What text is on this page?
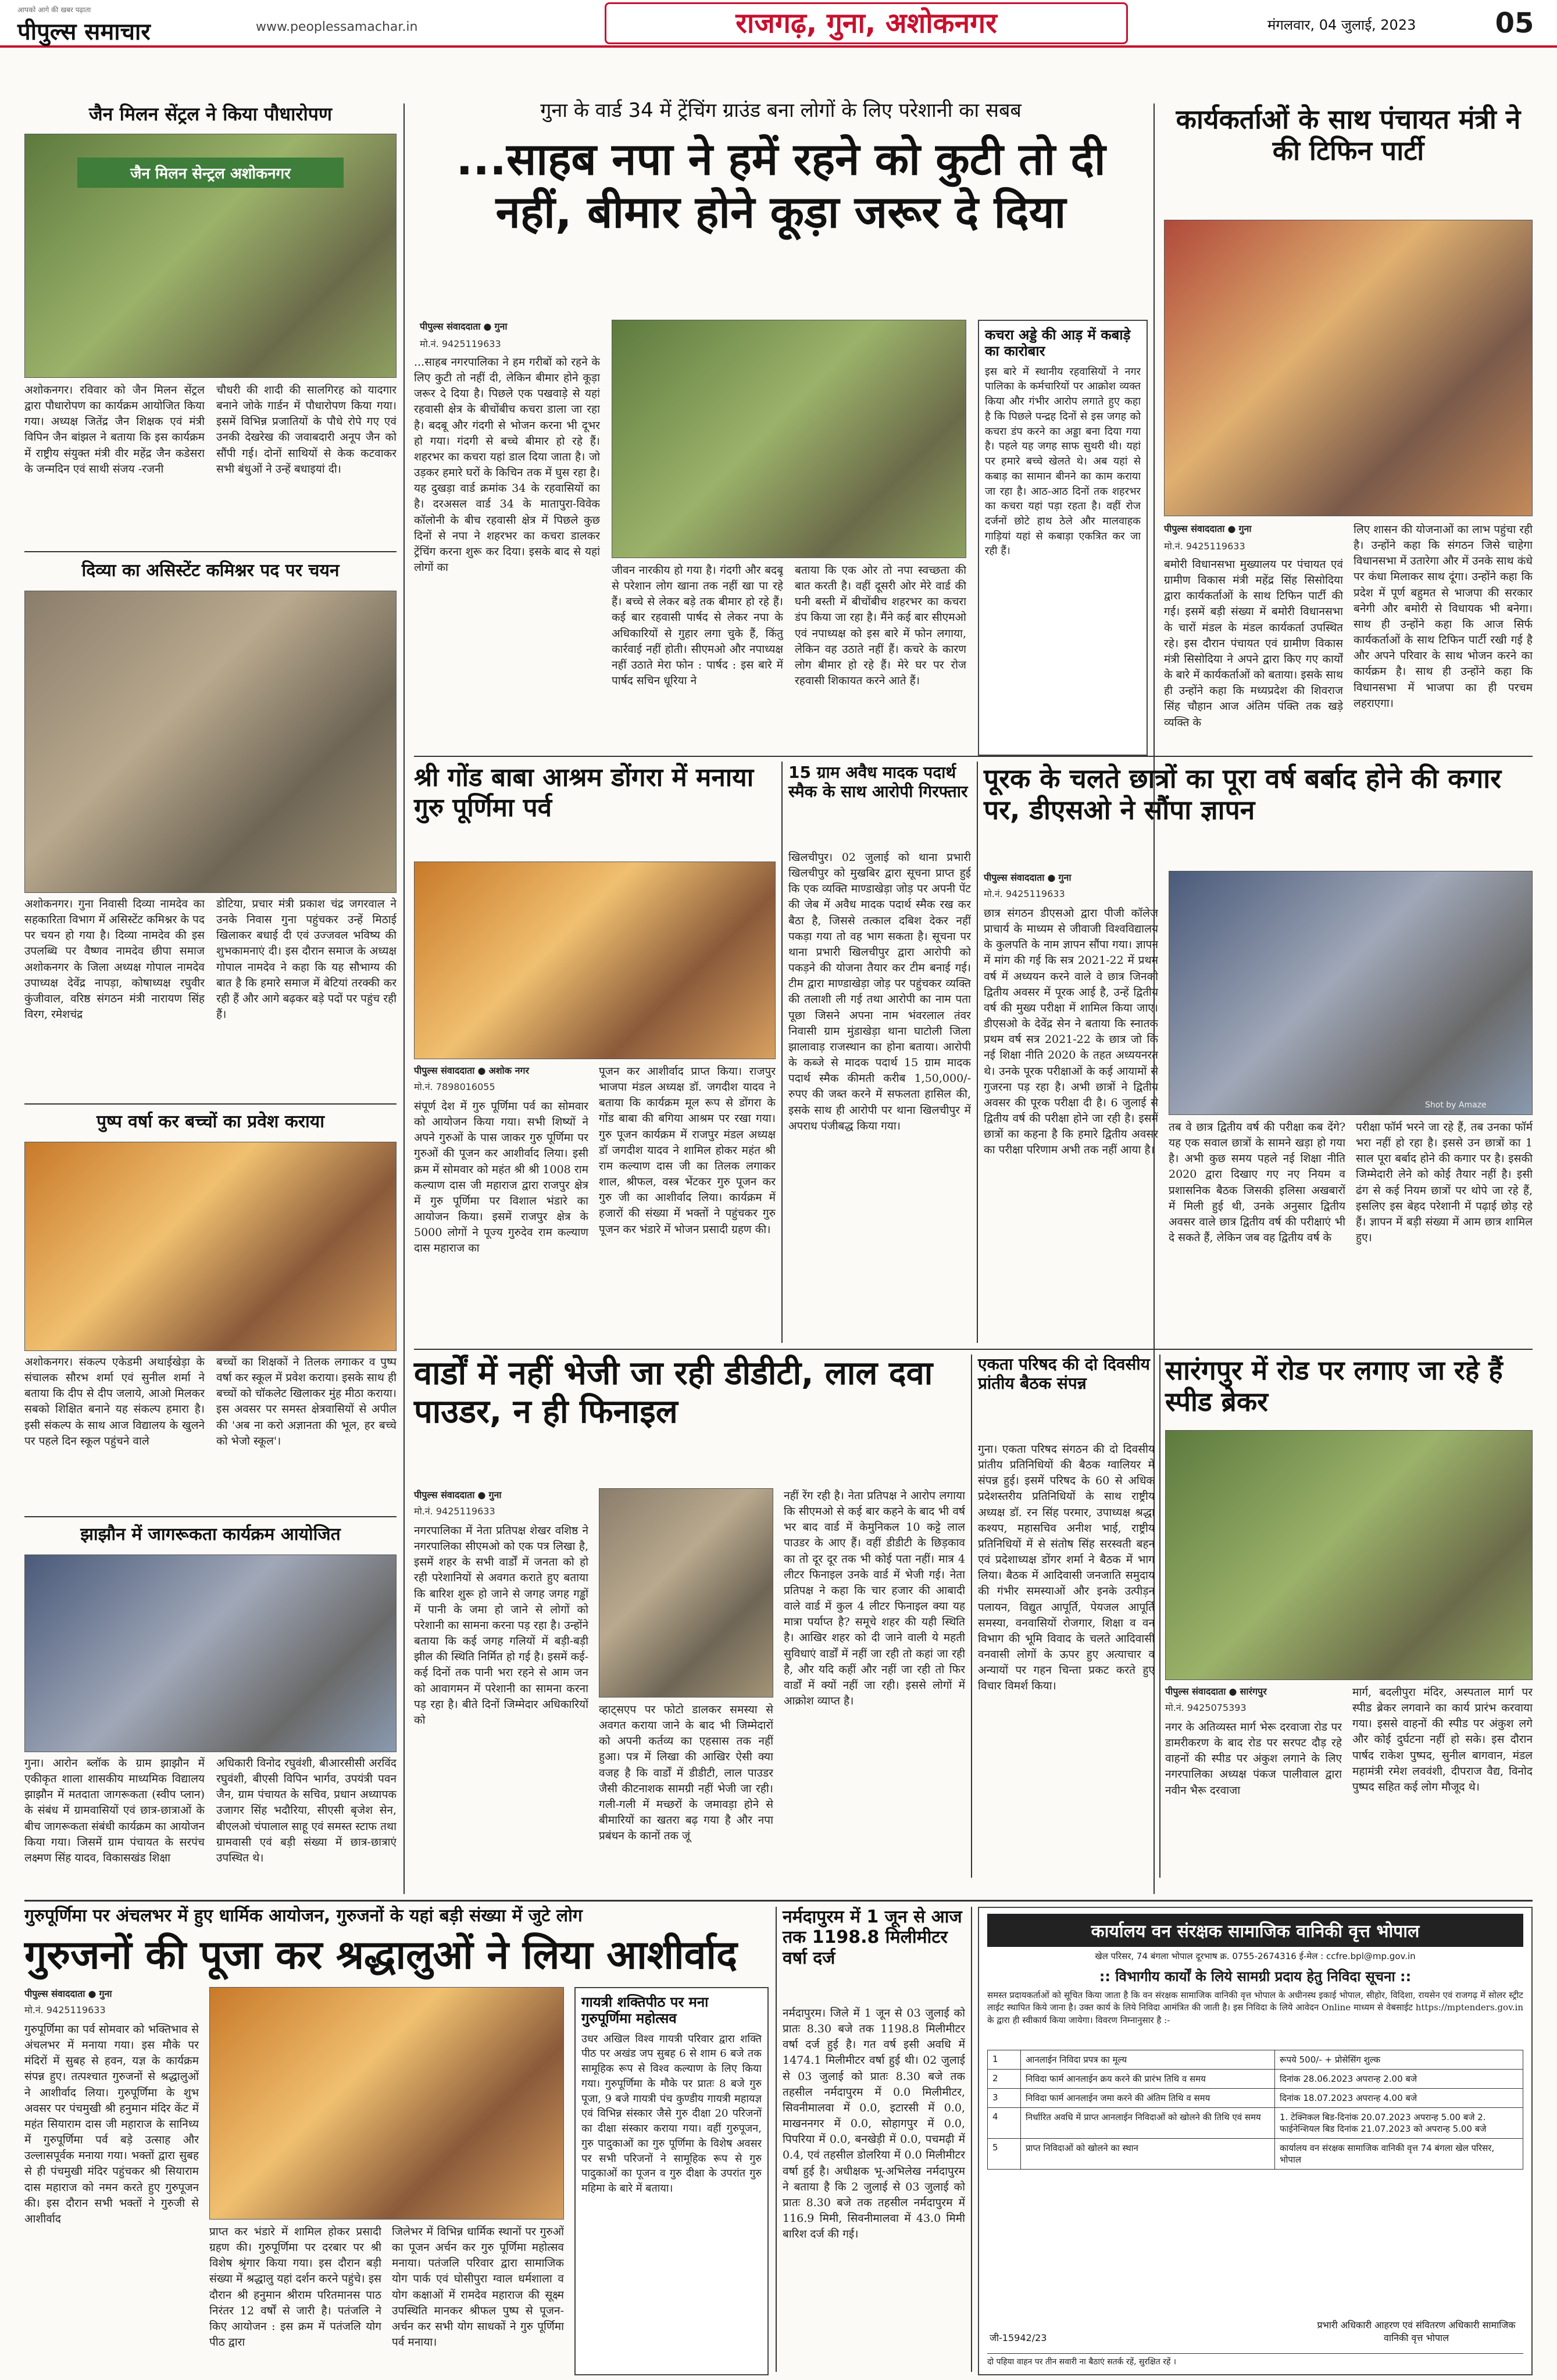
आपको आगे की खबर पढ़ाता
पीपुल्स समाचार	www.peoplessamachar.in	राजगढ़, गुना, अशोकनगर	मंगलवार, 04 जुलाई, 2023	05
जैन मिलन सेंट्रल ने किया पौधारोपण
जैन मिलन सेन्ट्रल अशोकनगर
अशोकनगर। रविवार को जैन मिलन सेंट्रल द्वारा पौधारोपण का कार्यक्रम आयोजित किया गया। अध्यक्ष जितेंद्र जैन शिक्षक एवं मंत्री विपिन जैन बांझल ने बताया कि इस कार्यक्रम में राष्ट्रीय संयुक्त मंत्री वीर महेंद्र जैन कडेसरा के जन्मदिन एवं साथी संजय -रजनी
चौधरी की शादी की सालगिरह को यादगार बनाने जोके गार्डन में पौधारोपण किया गया। इसमें विभिन्न प्रजातियों के पौधे रोपे गए एवं उनकी देखरेख की जवाबदारी अनूप जैन को सौंपी गई। दोनों साथियों से केक कटवाकर सभी बंधुओं ने उन्हें बधाइयां दी।
दिव्या का असिस्टेंट कमिश्नर पद पर चयन
अशोकनगर। गुना निवासी दिव्या नामदेव का सहकारिता विभाग में असिस्टेंट कमिश्नर के पद पर चयन हो गया है। दिव्या नामदेव की इस उपलब्धि पर वैष्णव नामदेव छीपा समाज अशोकनगर के जिला अध्यक्ष गोपाल नामदेव उपाध्यक्ष देवेंद्र नापड़ा, कोषाध्यक्ष रघुवीर कुंजीवाल, वरिष्ठ संगठन मंत्री नारायण सिंह विरग, रमेशचंद्र
डोटिया, प्रचार मंत्री प्रकाश चंद्र जगरवाल ने उनके निवास गुना पहुंचकर उन्हें मिठाई खिलाकर बधाई दी एवं उज्जवल भविष्य की शुभकामनाएं दी। इस दौरान समाज के अध्यक्ष गोपाल नामदेव ने कहा कि यह सौभाग्य की बात है कि हमारे समाज में बेटियां तरक्की कर रही हैं और आगे बढ़कर बड़े पदों पर पहुंच रही हैं।
पुष्प वर्षा कर बच्चों का प्रवेश कराया
अशोकनगर। संकल्प एकेडमी अथाईखेड़ा के संचालक सौरभ शर्मा एवं सुनील शर्मा ने बताया कि दीप से दीप जलाये, आओ मिलकर सबको शिक्षित बनाने यह संकल्प हमारा है। इसी संकल्प के साथ आज विद्यालय के खुलने पर पहले दिन स्कूल पहुंचने वाले
बच्चों का शिक्षकों ने तिलक लगाकर व पुष्प वर्षा कर स्कूल में प्रवेश कराया। इसके साथ ही बच्चों को चॉकलेट खिलाकर मुंह मीठा कराया। इस अवसर पर समस्त क्षेत्रवासियों से अपील की 'अब ना करो अज्ञानता की भूल, हर बच्चे को भेजो स्कूल'।
झाझौन में जागरूकता कार्यक्रम आयोजित
गुना। आरोन ब्लॉक के ग्राम झाझौन में एकीकृत शाला शासकीय माध्यमिक विद्यालय झाझौन में मतदाता जागरूकता (स्वीप प्लान) के संबंध में ग्रामवासियों एवं छात्र-छात्राओं के बीच जागरूकता संबंधी कार्यक्रम का आयोजन किया गया। जिसमें ग्राम पंचायत के सरपंच लक्ष्मण सिंह यादव, विकासखंड शिक्षा
अधिकारी विनोद रघुवंशी, बीआरसीसी अरविंद रघुवंशी, बीएसी विपिन भार्गव, उपयंत्री पवन जैन, ग्राम पंचायत के सचिव, प्रधान अध्यापक उजागर सिंह भदौरिया, सीएसी बृजेश सेन, बीएलओ चंपालाल साहू एवं समस्त स्टाफ तथा ग्रामवासी एवं बड़ी संख्या में छात्र-छात्राएं उपस्थित थे।
गुना के वार्ड 34 में ट्रेंचिंग ग्राउंड बना लोगों के लिए परेशानी का सबब
...साहब नपा ने हमें रहने को कुटी तो दी नहीं, बीमार होने कूड़ा जरूर दे दिया
पीपुल्स संवाददाता ● गुना
मो.नं. 9425119633
...साहब नगरपालिका ने हम गरीबों को रहने के लिए कुटी तो नहीं दी, लेकिन बीमार होने कूड़ा जरूर दे दिया है। पिछले एक पखवाड़े से यहां रहवासी क्षेत्र के बीचोंबीच कचरा डाला जा रहा है। बदबू और गंदगी से भोजन करना भी दूभर हो गया। गंदगी से बच्चे बीमार हो रहे हैं। शहरभर का कचरा यहां डाल दिया जाता है। जो उड़कर हमारे घरों के किचिन तक में घुस रहा है। यह दुखड़ा वार्ड क्रमांक 34 के रहवासियों का है। दरअसल वार्ड 34 के मातापुरा-विवेक कॉलोनी के बीच रहवासी क्षेत्र में पिछले कुछ दिनों से नपा ने शहरभर का कचरा डालकर ट्रेंचिंग करना शुरू कर दिया। इसके बाद से यहां लोगों का	जीवन नारकीय हो गया है। गंदगी और बदबू से परेशान लोग खाना तक नहीं खा पा रहे हैं। बच्चे से लेकर बड़े तक बीमार हो रहे हैं। कई बार रहवासी पार्षद से लेकर नपा के अधिकारियों से गुहार लगा चुके हैं, किंतु कार्रवाई नहीं होती। सीएमओ और नपाध्यक्ष नहीं उठाते मेरा फोन : पार्षद : इस बारे में पार्षद सचिन धूरिया ने
बताया कि एक ओर तो नपा स्वच्छता की बात करती है। वहीं दूसरी ओर मेरे वार्ड की घनी बस्ती में बीचोंबीच शहरभर का कचरा डंप किया जा रहा है। मैंने कई बार सीएमओ एवं नपाध्यक्ष को इस बारे में फोन लगाया, लेकिन वह उठाते नहीं हैं। कचरे के कारण लोग बीमार हो रहे हैं। मेरे घर पर रोज रहवासी शिकायत करने आते हैं।
कचरा अड्डे की आड़ में कबाड़े का कारोबार
इस बारे में स्थानीय रहवासियों ने नगर पालिका के कर्मचारियों पर आक्रोश व्यक्त किया और गंभीर आरोप लगाते हुए कहा है कि पिछले पन्द्रह दिनों से इस जगह को कचरा डंप करने का अड्डा बना दिया गया है। पहले यह जगह साफ सुथरी थी। यहां पर हमारे बच्चे खेलते थे। अब यहां से कबाड़ का सामान बीनने का काम कराया जा रहा है। आठ-आठ दिनों तक शहरभर का कचरा यहां पड़ा रहता है। वहीं रोज दर्जनों छोटे हाथ ठेले और मालवाहक गाड़ियां यहां से कबाड़ा एकत्रित कर जा रही हैं।
कार्यकर्ताओं के साथ पंचायत मंत्री ने की टिफिन पार्टी
पीपुल्स संवाददाता ● गुना
मो.नं. 9425119633
बमोरी विधानसभा मुख्यालय पर पंचायत एवं ग्रामीण विकास मंत्री महेंद्र सिंह सिसोदिया द्वारा कार्यकर्ताओं के साथ टिफिन पार्टी की गई। इसमें बड़ी संख्या में बमोरी विधानसभा के चारों मंडल के मंडल कार्यकर्ता उपस्थित रहे। इस दौरान पंचायत एवं ग्रामीण विकास मंत्री सिसोदिया ने अपने द्वारा किए गए कार्यों के बारे में कार्यकर्ताओं को बताया। इसके साथ ही उन्होंने कहा कि मध्यप्रदेश की शिवराज सिंह चौहान आज अंतिम पंक्ति तक खड़े व्यक्ति के
लिए शासन की योजनाओं का लाभ पहुंचा रही है। उन्होंने कहा कि संगठन जिसे चाहेगा विधानसभा में उतारेगा और में उनके साथ कंधे पर कंधा मिलाकर साथ दूंगा। उन्होंने कहा कि प्रदेश में पूर्ण बहुमत से भाजपा की सरकार बनेगी और बमोरी से विधायक भी बनेगा। साथ ही उन्होंने कहा कि आज सिर्फ कार्यकर्ताओं के साथ टिफिन पार्टी रखी गई है और अपने परिवार के साथ भोजन करने का कार्यक्रम है। साथ ही उन्होंने कहा कि विधानसभा में भाजपा का ही परचम लहराएगा।
श्री गोंड बाबा आश्रम डोंगरा में मनाया गुरु पूर्णिमा पर्व
पीपुल्स संवाददाता ● अशोक नगर
मो.नं. 7898016055
संपूर्ण देश में गुरु पूर्णिमा पर्व का सोमवार को आयोजन किया गया। सभी शिष्यों ने अपने गुरुओं के पास जाकर गुरु पूर्णिमा पर गुरुओं की पूजन कर आशीर्वाद लिया। इसी क्रम में सोमवार को महंत श्री श्री 1008 राम कल्याण दास जी महाराज द्वारा राजपुर क्षेत्र में गुरु पूर्णिमा पर विशाल भंडारे का आयोजन किया। इसमें राजपुर क्षेत्र के 5000 लोगों ने पूज्य गुरुदेव राम कल्याण दास महाराज का
पूजन कर आशीर्वाद प्राप्त किया। राजपुर भाजपा मंडल अध्यक्ष डॉ. जगदीश यादव ने बताया कि कार्यक्रम मूल रूप से डोंगरा के गोंड बाबा की बगिया आश्रम पर रखा गया। गुरु पूजन कार्यक्रम में राजपुर मंडल अध्यक्ष डॉ जगदीश यादव ने शामिल होकर महंत श्री राम कल्याण दास जी का तिलक लगाकर शाल, श्रीफल, वस्त्र भेंटकर गुरु पूजन कर गुरु जी का आशीर्वाद लिया। कार्यक्रम में हजारों की संख्या में भक्तों ने पहुंचकर गुरु पूजन कर भंडारे में भोजन प्रसादी ग्रहण की।
15 ग्राम अवैध मादक पदार्थ स्मैक के साथ आरोपी गिरफ्तार
खिलचीपुर। 02 जुलाई को थाना प्रभारी खिलचीपुर को मुखबिर द्वारा सूचना प्राप्त हुई कि एक व्यक्ति माण्डाखेड़ा जोड़ पर अपनी पेंट की जेब में अवैध मादक पदार्थ स्मैक रख कर बैठा है, जिससे तत्काल दबिश देकर नहीं पकड़ा गया तो वह भाग सकता है। सूचना पर थाना प्रभारी खिलचीपुर द्वारा आरोपी को पकड़ने की योजना तैयार कर टीम बनाई गई। टीम द्वारा माण्डाखेड़ा जोड़ पर पहुंचकर व्यक्ति की तलाशी ली गई तथा आरोपी का नाम पता पूछा जिसने अपना नाम भंवरलाल तंवर निवासी ग्राम मुंडाखेड़ा थाना घाटोली जिला झालावाड़ राजस्थान का होना बताया। आरोपी के कब्जे से मादक पदार्थ 15 ग्राम मादक पदार्थ स्मैक कीमती करीब 1,50,000/- रुपए की जब्त करने में सफलता हासिल की, इसके साथ ही आरोपी पर थाना खिलचीपुर में अपराध पंजीबद्ध किया गया।
पूरक के चलते छात्रों का पूरा वर्ष बर्बाद होने की कगार पर, डीएसओ ने सौंपा ज्ञापन
पीपुल्स संवाददाता ● गुना
मो.नं. 9425119633
छात्र संगठन डीएसओ द्वारा पीजी कॉलेज प्राचार्य के माध्यम से जीवाजी विश्वविद्यालय के कुलपति के नाम ज्ञापन सौंपा गया। ज्ञापन में मांग की गई कि सत्र 2021-22 में प्रथम वर्ष में अध्ययन करने वाले वे छात्र जिनको द्वितीय अवसर में पूरक आई है, उन्हें द्वितीय वर्ष की मुख्य परीक्षा में शामिल किया जाए। डीएसओ के देवेंद्र सेन ने बताया कि स्नातक प्रथम वर्ष सत्र 2021-22 के छात्र जो कि नई शिक्षा नीति 2020 के तहत अध्ययनरत थे। उनके पूरक परीक्षाओं के कई आयामों से गुजरना पड़ रहा है। अभी छात्रों ने द्वितीय अवसर की पूरक परीक्षा दी है। 6 जुलाई से द्वितीय वर्ष की परीक्षा होने जा रही है। इसमें छात्रों का कहना है कि हमारे द्वितीय अवसर का परीक्षा परिणाम अभी तक नहीं आया है।
Shot by Amaze
तब वे छात्र द्वितीय वर्ष की परीक्षा कब देंगे? यह एक सवाल छात्रों के सामने खड़ा हो गया है। अभी कुछ समय पहले नई शिक्षा नीति 2020 द्वारा दिखाए गए नए नियम व प्रशासनिक बैठक जिसकी इलिसा अखबारों में मिली हुई थी, उनके अनुसार द्वितीय अवसर वाले छात्र द्वितीय वर्ष की परीक्षाएं भी दे सकते हैं, लेकिन जब वह द्वितीय वर्ष के
परीक्षा फॉर्म भरने जा रहे हैं, तब उनका फॉर्म भरा नहीं हो रहा है। इससे उन छात्रों का 1 साल पूरा बर्बाद होने की कगार पर है। इसकी जिम्मेदारी लेने को कोई तैयार नहीं है। इसी ढंग से कई नियम छात्रों पर थोपे जा रहे हैं, इसलिए इस बेहद परेशानी में पढ़ाई छोड़ रहे हैं। ज्ञापन में बड़ी संख्या में आम छात्र शामिल हुए।
वार्डों में नहीं भेजी जा रही डीडीटी, लाल दवा पाउडर, न ही फिनाइल
पीपुल्स संवाददाता ● गुना
मो.नं. 9425119633
नगरपालिका में नेता प्रतिपक्ष शेखर वशिष्ठ ने नगरपालिका सीएमओ को एक पत्र लिखा है, इसमें शहर के सभी वार्डों में जनता को हो रही परेशानियों से अवगत कराते हुए बताया कि बारिश शुरू हो जाने से जगह जगह गड्ढों में पानी के जमा हो जाने से लोगों को परेशानी का सामना करना पड़ रहा है। उन्होंने बताया कि कई जगह गलियों में बड़ी-बड़ी झील की स्थिति निर्मित हो गई है। इसमें कई-कई दिनों तक पानी भरा रहने से आम जन को आवागमन में परेशानी का सामना करना पड़ रहा है। बीते दिनों जिम्मेदार अधिकारियों को
व्हाट्सएप पर फोटो डालकर समस्या से अवगत कराया जाने के बाद भी जिम्मेदारों को अपनी कर्तव्य का एहसास तक नहीं हुआ। पत्र में लिखा की आखिर ऐसी क्या वजह है कि वार्डों में डीडीटी, लाल पाउडर जैसी कीटनाशक सामग्री नहीं भेजी जा रही। गली-गली में मच्छरों के जमावड़ा होने से बीमारियों का खतरा बढ़ गया है और नपा प्रबंधन के कानों तक जूं
नहीं रेंग रही है। नेता प्रतिपक्ष ने आरोप लगाया कि सीएमओ से कई बार कहने के बाद भी वर्ष भर बाद वार्ड में केमुनिकल 10 कट्टे लाल पाउडर के आए हैं। वहीं डीडीटी के छिड़काव का तो दूर दूर तक भी कोई पता नहीं। मात्र 4 लीटर फिनाइल उनके वार्ड में भेजी गई। नेता प्रतिपक्ष ने कहा कि चार हजार की आबादी वाले वार्ड में कुल 4 लीटर फिनाइल क्या यह मात्रा पर्याप्त है? समूचे शहर की यही स्थिति है। आखिर शहर को दी जाने वाली ये महती सुविधाएं वार्डों में नहीं जा रही तो कहां जा रही है, और यदि कहीं और नहीं जा रही तो फिर वार्डों में क्यों नहीं जा रही। इससे लोगों में आक्रोश व्याप्त है।
एकता परिषद की दो दिवसीय प्रांतीय बैठक संपन्न
गुना। एकता परिषद संगठन की दो दिवसीय प्रांतीय प्रतिनिधियों की बैठक ग्वालियर में संपन्न हुई। इसमें परिषद के 60 से अधिक प्रदेशस्तरीय प्रतिनिधियों के साथ राष्ट्रीय अध्यक्ष डॉ. रन सिंह परमार, उपाध्यक्ष श्रद्धा कश्यप, महासचिव अनीश भाई, राष्ट्रीय प्रतिनिधियों में से संतोष सिंह सरस्वती बहन एवं प्रदेशाध्यक्ष डोंगर शर्मा ने बैठक में भाग लिया। बैठक में आदिवासी जनजाति समुदाय की गंभीर समस्याओं और इनके उत्पीड़न पलायन, विद्युत आपूर्ति, पेयजल आपूर्ति समस्या, वनवासियों रोजगार, शिक्षा व वन विभाग की भूमि विवाद के चलते आदिवासी वनवासी लोगों के ऊपर हुए अत्याचार व अन्यायों पर गहन चिन्ता प्रकट करते हुए विचार विमर्श किया।
सारंगपुर में रोड पर लगाए जा रहे हैं स्पीड ब्रेकर
पीपुल्स संवाददाता ● सारंगपुर
मो.नं. 9425075393
नगर के अतिव्यस्त मार्ग भेरू दरवाजा रोड पर डामरीकरण के बाद रोड पर सरपट दौड़ रहे वाहनों की स्पीड पर अंकुश लगाने के लिए नगरपालिका अध्यक्ष पंकज पालीवाल द्वारा नवीन भैरू दरवाजा
मार्ग, बदलीपुरा मंदिर, अस्पताल मार्ग पर स्पीड ब्रेकर लगवाने का कार्य प्रारंभ करवाया गया। इससे वाहनों की स्पीड पर अंकुश लगे और कोई दुर्घटना नहीं हो सके। इस दौरान पार्षद राकेश पुष्पद, सुनील बागवान, मंडल महामंत्री रमेश लववंशी, दीपराज वैद्य, विनोद पुष्पद सहित कई लोग मौजूद थे।
गुरुपूर्णिमा पर अंचलभर में हुए धार्मिक आयोजन, गुरुजनों के यहां बड़ी संख्या में जुटे लोग
गुरुजनों की पूजा कर श्रद्धालुओं ने लिया आशीर्वाद
पीपुल्स संवाददाता ● गुना
मो.नं. 9425119633
गुरुपूर्णिमा का पर्व सोमवार को भक्तिभाव से अंचलभर में मनाया गया। इस मौके पर मंदिरों में सुबह से हवन, यज्ञ के कार्यक्रम संपन्न हुए। तत्पश्चात गुरुजनों से श्रद्धालुओं ने आशीर्वाद लिया। गुरुपूर्णिमा के शुभ अवसर पर पंचमुखी श्री हनुमान मंदिर केंट में महंत सियाराम दास जी महाराज के सानिध्य में गुरुपूर्णिमा पर्व बड़े उत्साह और उल्लासपूर्वक मनाया गया। भक्तों द्वारा सुबह से ही पंचमुखी मंदिर पहुंचकर श्री सियाराम दास महाराज को नमन करते हुए गुरुपूजन की। इस दौरान सभी भक्तों ने गुरुजी से आशीर्वाद
प्राप्त कर भंडारे में शामिल होकर प्रसादी ग्रहण की। गुरुपूर्णिमा पर दरबार पर श्री विशेष श्रृंगार किया गया। इस दौरान बड़ी संख्या में श्रद्धालु यहां दर्शन करने पहुंचे। इस दौरान श्री हनुमान श्रीराम परितमानस पाठ निरंतर 12 वर्षों से जारी है। पतंजलि ने किए आयोजन : इस क्रम में पतंजलि योग पीठ द्वारा
जिलेभर में विभिन्न धार्मिक स्थानों पर गुरुओं का पूजन अर्चन कर गुरु पूर्णिमा महोत्सव मनाया। पतंजलि परिवार द्वारा सामाजिक योग पार्क एवं घोसीपुरा ग्वाल धर्मशाला व योग कक्षाओं में रामदेव महाराज की सूक्ष्म उपस्थिति मानकर श्रीफल पुष्प से पूजन-अर्चन कर सभी योग साधकों ने गुरु पूर्णिमा पर्व मनाया।
गायत्री शक्तिपीठ पर मना गुरुपूर्णिमा महोत्सव
उधर अखिल विश्व गायत्री परिवार द्वारा शक्ति पीठ पर अखंड जप सुबह 6 से शाम 6 बजे तक सामूहिक रूप से विश्व कल्याण के लिए किया गया। गुरुपूर्णिमा के मौके पर प्रातः 8 बजे गुरु पूजा, 9 बजे गायत्री पंच कुण्डीय गायत्री महायज्ञ एवं विभिन्न संस्कार जैसे गुरु दीक्षा 20 परिजनों का दीक्षा संस्कार कराया गया। वहीं गुरुपूजन, गुरु पादुकाओं का गुरु पूर्णिमा के विशेष अवसर पर सभी परिजनों ने सामूहिक रूप से गुरु पादुकाओं का पूजन व गुरु दीक्षा के उपरांत गुरु महिमा के बारे में बताया।
नर्मदापुरम में 1 जून से आज तक 1198.8 मिलीमीटर वर्षा दर्ज
नर्मदापुरम। जिले में 1 जून से 03 जुलाई को प्रातः 8.30 बजे तक 1198.8 मिलीमीटर वर्षा दर्ज हुई है। गत वर्ष इसी अवधि में 1474.1 मिलीमीटर वर्षा हुई थी। 02 जुलाई से 03 जुलाई को प्रातः 8.30 बजे तक तहसील नर्मदापुरम में 0.0 मिलीमीटर, सिवनीमालवा में 0.0, इटारसी में 0.0, माखननगर में 0.0, सोहागपुर में 0.0, पिपरिया में 0.0, बनखेड़ी में 0.0, पचमढ़ी में 0.4, एवं तहसील डोलरिया में 0.0 मिलीमीटर वर्षा हुई है। अधीक्षक भू-अभिलेख नर्मदापुरम ने बताया है कि 2 जुलाई से 03 जुलाई को प्रातः 8.30 बजे तक तहसील नर्मदापुरम में 116.9 मिमी, सिवनीमालवा में 43.0 मिमी बारिश दर्ज की गई।
कार्यालय वन संरक्षक सामाजिक वानिकी वृत्त भोपाल
खेल परिसर, 74 बंगला भोपाल दूरभाष क्र. 0755-2674316 ई-मेल : ccfre.bpl@mp.gov.in
:: विभागीय कार्यों के लिये सामग्री प्रदाय हेतु निविदा सूचना ::
समस्त प्रदायकर्ताओं को सूचित किया जाता है कि वन संरक्षक सामाजिक वानिकी वृत्त भोपाल के अधीनस्थ इकाई भोपाल, सीहोर, विदिशा, रायसेन एवं राजगढ़ में सोलर स्ट्रीट लाईट स्थापित किये जाना है। उक्त कार्य के लिये निविदा आमंत्रित की जाती है। इस निविदा के लिये आवेदन Online माध्यम से वेबसाईट https://mptenders.gov.in के द्वारा ही स्वीकार्य किया जायेगा। विवरण निम्नानुसार है :-
1	आनलाईन निविदा प्रपत्र का मूल्य	रूपये 500/- + प्रोसेसिंग शुल्क
2	निविदा फार्म आनलाईन क्रय करने की प्रारंभ तिथि व समय	दिनांक 28.06.2023 अपरान्ह 2.00 बजे
3	निविदा फार्म आनलाईन जमा करने की अंतिम तिथि व समय	दिनांक 18.07.2023 अपरान्ह 4.00 बजे
4	निर्धारित अवधि में प्राप्त आनलाईन निविदाओं को खोलने की तिथि एवं समय	1. टेक्निकल बिड-दिनांक 20.07.2023 अपरान्ह 5.00 बजे 2. फाईनेन्शियल बिड दिनांक 21.07.2023 को अपरान्ह 5.00 बजे
5	प्राप्त निविदाओं को खोलने का स्थान	कार्यालय वन संरक्षक सामाजिक वानिकी वृत्त 74 बंगला खेल परिसर, भोपाल
प्रभारी अधिकारी आहरण एवं संवितरण अधिकारी सामाजिक वानिकी वृत्त भोपाल
जी-15942/23
दो पहिया वाहन पर तीन सवारी ना बैठाएं सतर्क रहें, सुरक्षित रहें ।
